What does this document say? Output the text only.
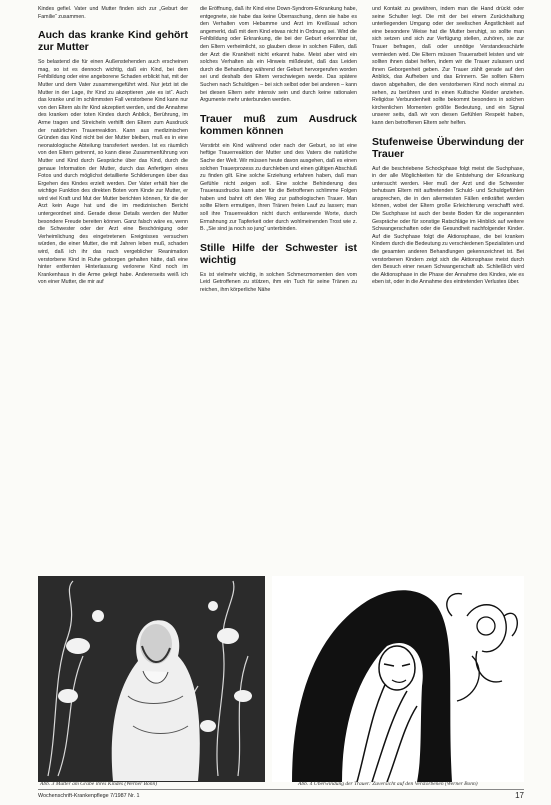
Kindes gefiel. Vater und Mutter finden sich zur „Geburt der Familie“ zusammen.

Auch das kranke Kind gehört zur Mutter

So belastend die für einen Außenstehenden auch erscheinen mag, so ist es dennoch wichtig, daß ein Kind, bei dem Fehlbildung oder eine angeborene Schaden erblickt hat, mit der Mutter und dem Vater zusammengeführt wird. Nur jetzt ist die Mutter in der Lage, ihr Kind zu akzeptieren „wie es ist“. Auch das kranke und im schlimmsten Fall verstorbene Kind kann nur von den Eltern als ihr Kind akzeptiert werden, und die Annahme des kranken oder toten Kindes durch Anblick, Berührung, im Arme tragen und Streicheln verhilft den Eltern zum Ausdruck der natürlichen Trauerreaktion. Kann aus medizinischen Gründen das Kind nicht bei der Mutter bleiben, muß es in eine neonatologische Abteilung transferiert werden. Ist es räumlich von den Eltern getrennt, so kann diese Zusammenführung von Mutter und Kind durch Gespräche über das Kind, durch die genaue Information der Mutter, durch das Anfertigen eines Fotos und durch möglichst detaillierte Schilderungen über das Ergehen des Kindes erzielt werden. Der Vater erhält hier die wichtige Funktion des direkten Boten vom Kinde zur Mutter, er wird viel Kraft und Mut der Mutter berichten können, für die der Arzt kein Auge hat und die im medizinischen Bericht untergeordnet sind. Gerade diese Details werden der Mutter besondere Freude bereiten können. Ganz falsch wäre es, wenn die Schwester oder der Arzt eine Beschönigung oder Verheimlichung des eingetretenen Ereignisses versuchen würden, die einer Mutter, die mit Jahren leben muß, schaden wird, daß ich ihr das nach vergeblicher Reanimation verstorbene Kind in Ruhe geborgen gehalten hätte, daß eine hinter entfernten Hinterlassung verlorene Kind noch im Krankenhaus in die Arme gelegt habe. Andererseits weiß ich von einer Mutter, die mir auf

die Eröffnung, daß ihr Kind eine Down-Syndrom-Erkrankung habe, entgegnete, sie habe das keine Überraschung, denn sie habe es den Verhalten vom Hebamme und Arzt im Kreißsaal schon angemerkt, daß mit dem Kind etwas nicht in Ordnung sei. Wird die Fehlbildung oder Erkrankung, die bei der Geburt erkennbar ist, den Eltern verheimlicht, so glauben diese in solchen Fällen, daß der Arzt die Krankheit nicht erkannt habe. Meist aber wird ein solches Verhalten als ein Hinweis mißdeutet, daß das Leiden durch die Behandlung während der Geburt hervorgerufen worden sei und deshalb den Eltern verschwiegen werde. Das spätere Suchen nach Schuldigen – bei sich selbst oder bei anderen – kann bei diesen Eltern sehr intensiv sein und durch keine rationalen Argumente mehr unterbunden werden.

Trauer muß zum Ausdruck kommen können

Verstirbt ein Kind während oder nach der Geburt, so ist eine heftige Trauerreaktion der Mutter und des Vaters die natürliche Sache der Welt. Wir müssen heute davon ausgehen, daß es einen solchen Trauerprozess zu durchleben und einen gültigen Abschluß zu finden gilt. Eine solche Erziehung erfahren haben, daß man Gefühle nicht zeigen soll. Eine solche Behinderung des Trauerausdrucks kann aber für die Betroffenen schlimme Folgen haben und bahnt oft den Weg zur pathologischen Trauer. Man sollte Eltern ermutigen, ihren Tränen freien Lauf zu lassen; man soll ihre Trauerreaktion nicht durch entlarvende Worte, durch Ermahnung zur Tapferkeit oder durch wohlmeinenden Trost wie z. B. „Sie sind ja noch so jung“ unterbinden.

Stille Hilfe der Schwester ist wichtig

Es ist vielmehr wichtig, in solchen Schmerzmomenten den vom Leid Getroffenen zu stützen, ihm ein Tuch für seine Tränen zu reichen, ihm körperliche Nähe

und Kontakt zu gewähren, indem man die Hand drückt oder seine Schulter legt. Die mit der bei einem Zurückhaltung unterliegenden Umgang oder der seelischen Ängstlichkeit auf eine besondere Weise hat die Mutter beruhigt, so sollte man sich setzen und sich zur Verfügung stellen, zuhören, sie zur Trauer befragen, daß oder unnötige Verstandesschärfe vermieden wird. Die Eltern müssen Trauerarbeit leisten und wir sollten ihnen dabei helfen, indem wir die Trauer zulassen und ihnen Geborgenheit geben. Zur Trauer zählt gerade auf den Anblick, das Aufheben und das Erinnern. Sie sollten Eltern davon abgehalten, die den verstorbenen Kind noch einmal zu sehen, zu berühren und in einen Kultische Kleider anziehen. Religiöse Verbundenheit sollte bekommt besonders in solchen kirchenlichen Momenten größte Bedeutung, und ein Signal unserer seits, daß wir von diesen Gefühlen Respekt haben, kann den betroffenen Eltern sehr helfen.

Stufenweise Überwindung der Trauer

Auf die beschriebene Schockphase folgt meist die Suchphase, in der alle Möglichkeiten für die Entstehung der Erkrankung untersucht werden. Hier muß der Arzt und die Schwester behutsam Eltern mit auftretenden Schuld- und Schuldgefühlen ansprechen, die in den allermeisten Fällen entkräftet werden können, wobei der Eltern große Erleichterung verschafft wird. Die Suchphase ist auch der beste Boden für die sogenannten Gespräche oder für sonstige Ratschläge im Hinblick auf weitere Schwangerschaften oder die Gesundheit nachfolgender Kinder. Auf die Suchphase folgt die Aktionsphase, die bei kranken Kindern durch die Bedeutung zu verschiedenen Spezialisten und die gesamten anderen Behandlungen gekennzeichnet ist. Bei verstorbenen Kindern zeigt sich die Aktionsphase meist durch den Besuch einer neuen Schwangerschaft ab. Schließlich wird die Aktionsphase in die Phase der Annahme des Kindes, wie es eben ist, oder in die Annahme des eintretenden Verlustes über.

Abb. 3 Mutter am Grabe ihres Kindes (Werner Bonn)	Abb. 4 Überwindung der Trauer: Zuversicht auf den Verstorbenen (Werner Bonn)
Wochenschrift-Krankenpflege 7/1987 Nr. 1	17
